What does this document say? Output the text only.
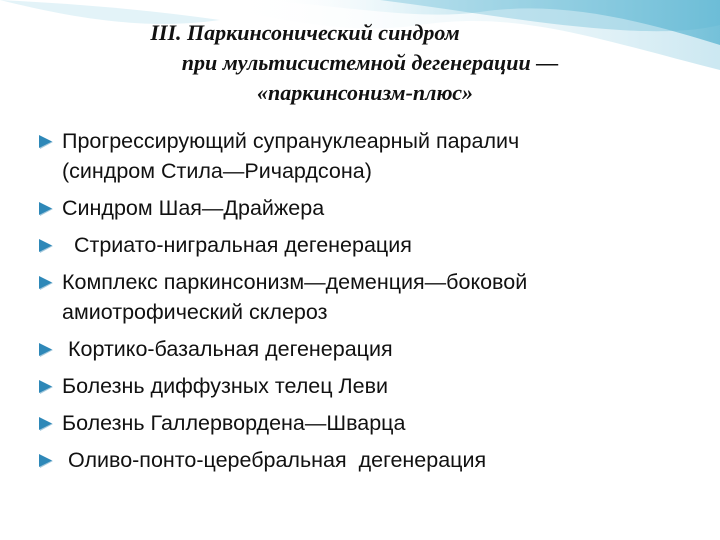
III. Паркинсонический синдром
при мультисистемной дегенерации —
«паркинсонизм-плюс»
Прогрессирующий супрануклеарный паралич
(синдром Стила—Ричардсона)
Синдром Шая—Драйжера
Стриато-нигральная дегенерация
Комплекс паркинсонизм—деменция—боковой
амиотрофический склероз
Кортико-базальная дегенерация
Болезнь диффузных телец Леви
Болезнь Галлервордена—Шварца
Оливо-понто-церебральная  дегенерация
